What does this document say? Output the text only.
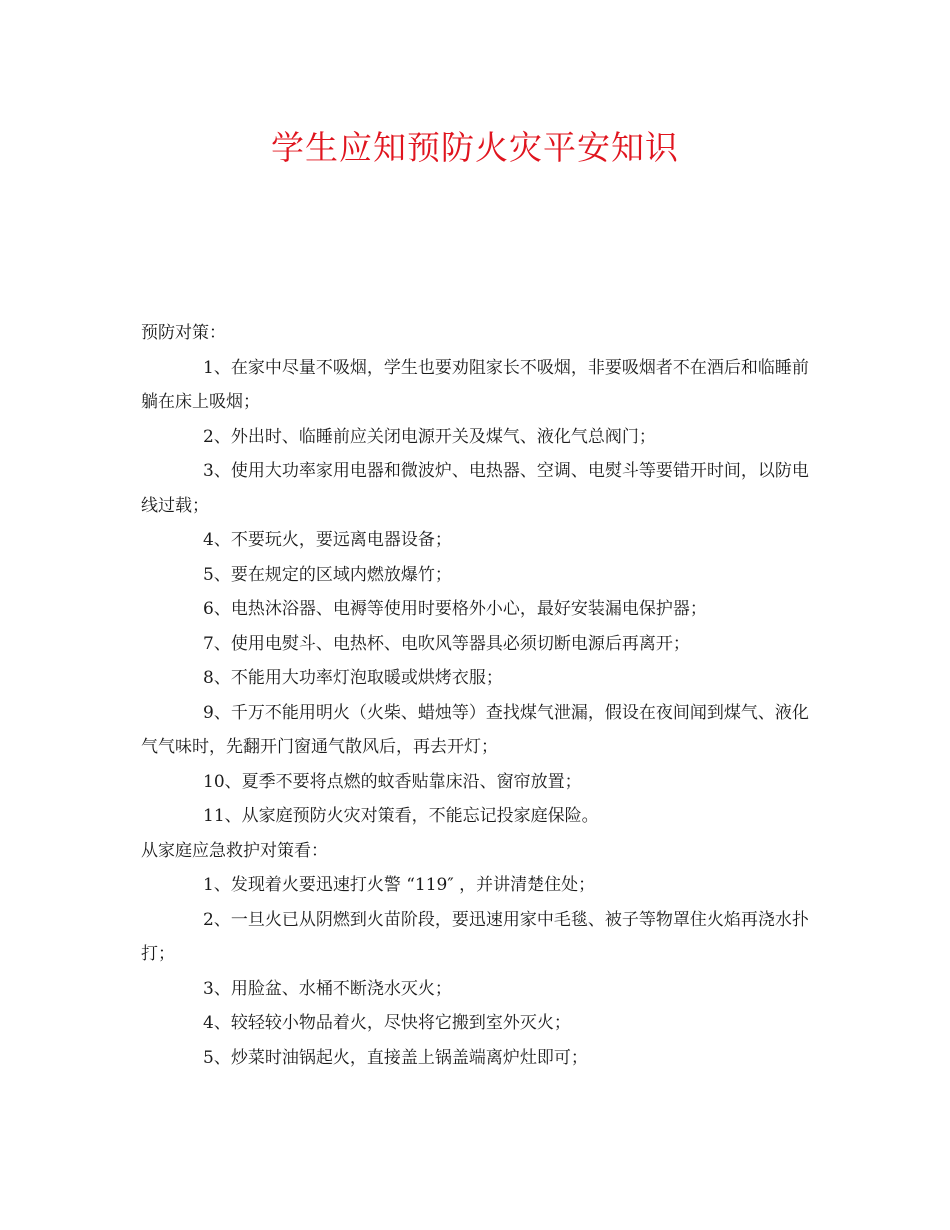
学生应知预防火灾平安知识

预防对策：

1、在家中尽量不吸烟，学生也要劝阻家长不吸烟，非要吸烟者不在酒后和临睡前躺在床上吸烟；

2、外出时、临睡前应关闭电源开关及煤气、液化气总阀门；

3、使用大功率家用电器和微波炉、电热器、空调、电熨斗等要错开时间，以防电线过载；

4、不要玩火，要远离电器设备；

5、要在规定的区域内燃放爆竹；

6、电热沐浴器、电褥等使用时要格外小心，最好安装漏电保护器；

7、使用电熨斗、电热杯、电吹风等器具必须切断电源后再离开；

8、不能用大功率灯泡取暖或烘烤衣服；

9、千万不能用明火（火柴、蜡烛等）查找煤气泄漏，假设在夜间闻到煤气、液化气气味时，先翻开门窗通气散风后，再去开灯；

10、夏季不要将点燃的蚊香贴靠床沿、窗帘放置；

11、从家庭预防火灾对策看，不能忘记投家庭保险。

从家庭应急救护对策看：

1、发现着火要迅速打火警 “119″ ，并讲清楚住处；

2、一旦火已从阴燃到火苗阶段，要迅速用家中毛毯、被子等物罩住火焰再浇水扑打；

3、用脸盆、水桶不断浇水灭火；

4、较轻较小物品着火，尽快将它搬到室外灭火；

5、炒菜时油锅起火，直接盖上锅盖端离炉灶即可；
